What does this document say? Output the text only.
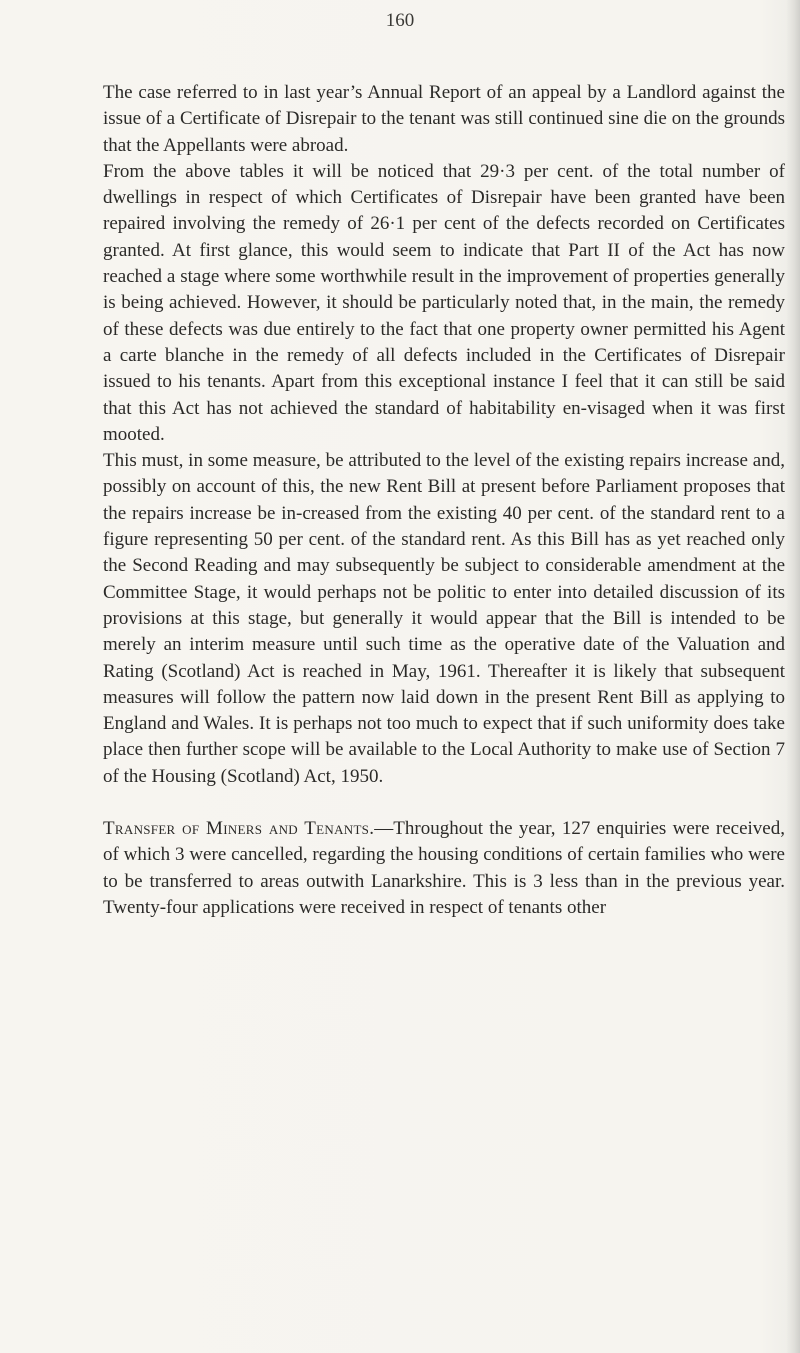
160

The case referred to in last year’s Annual Report of an appeal by a Landlord against the issue of a Certificate of Disrepair to the tenant was still continued sine die on the grounds that the Appellants were abroad.

From the above tables it will be noticed that 29·3 per cent. of the total number of dwellings in respect of which Certificates of Disrepair have been granted have been repaired involving the remedy of 26·1 per cent of the defects recorded on Certificates granted. At first glance, this would seem to indicate that Part II of the Act has now reached a stage where some worthwhile result in the improvement of properties generally is being achieved. However, it should be particularly noted that, in the main, the remedy of these defects was due entirely to the fact that one property owner permitted his Agent a carte blanche in the remedy of all defects included in the Certificates of Disrepair issued to his tenants. Apart from this exceptional instance I feel that it can still be said that this Act has not achieved the standard of habitability en-visaged when it was first mooted.

This must, in some measure, be attributed to the level of the existing repairs increase and, possibly on account of this, the new Rent Bill at present before Parliament proposes that the repairs increase be in-creased from the existing 40 per cent. of the standard rent to a figure representing 50 per cent. of the standard rent. As this Bill has as yet reached only the Second Reading and may subsequently be subject to considerable amendment at the Committee Stage, it would perhaps not be politic to enter into detailed discussion of its provisions at this stage, but generally it would appear that the Bill is intended to be merely an interim measure until such time as the operative date of the Valuation and Rating (Scotland) Act is reached in May, 1961. Thereafter it is likely that subsequent measures will follow the pattern now laid down in the present Rent Bill as applying to England and Wales. It is perhaps not too much to expect that if such uniformity does take place then further scope will be available to the Local Authority to make use of Section 7 of the Housing (Scotland) Act, 1950.

Transfer of Miners and Tenants.—Throughout the year, 127 enquiries were received, of which 3 were cancelled, regarding the housing conditions of certain families who were to be transferred to areas outwith Lanarkshire. This is 3 less than in the previous year. Twenty-four applications were received in respect of tenants other
